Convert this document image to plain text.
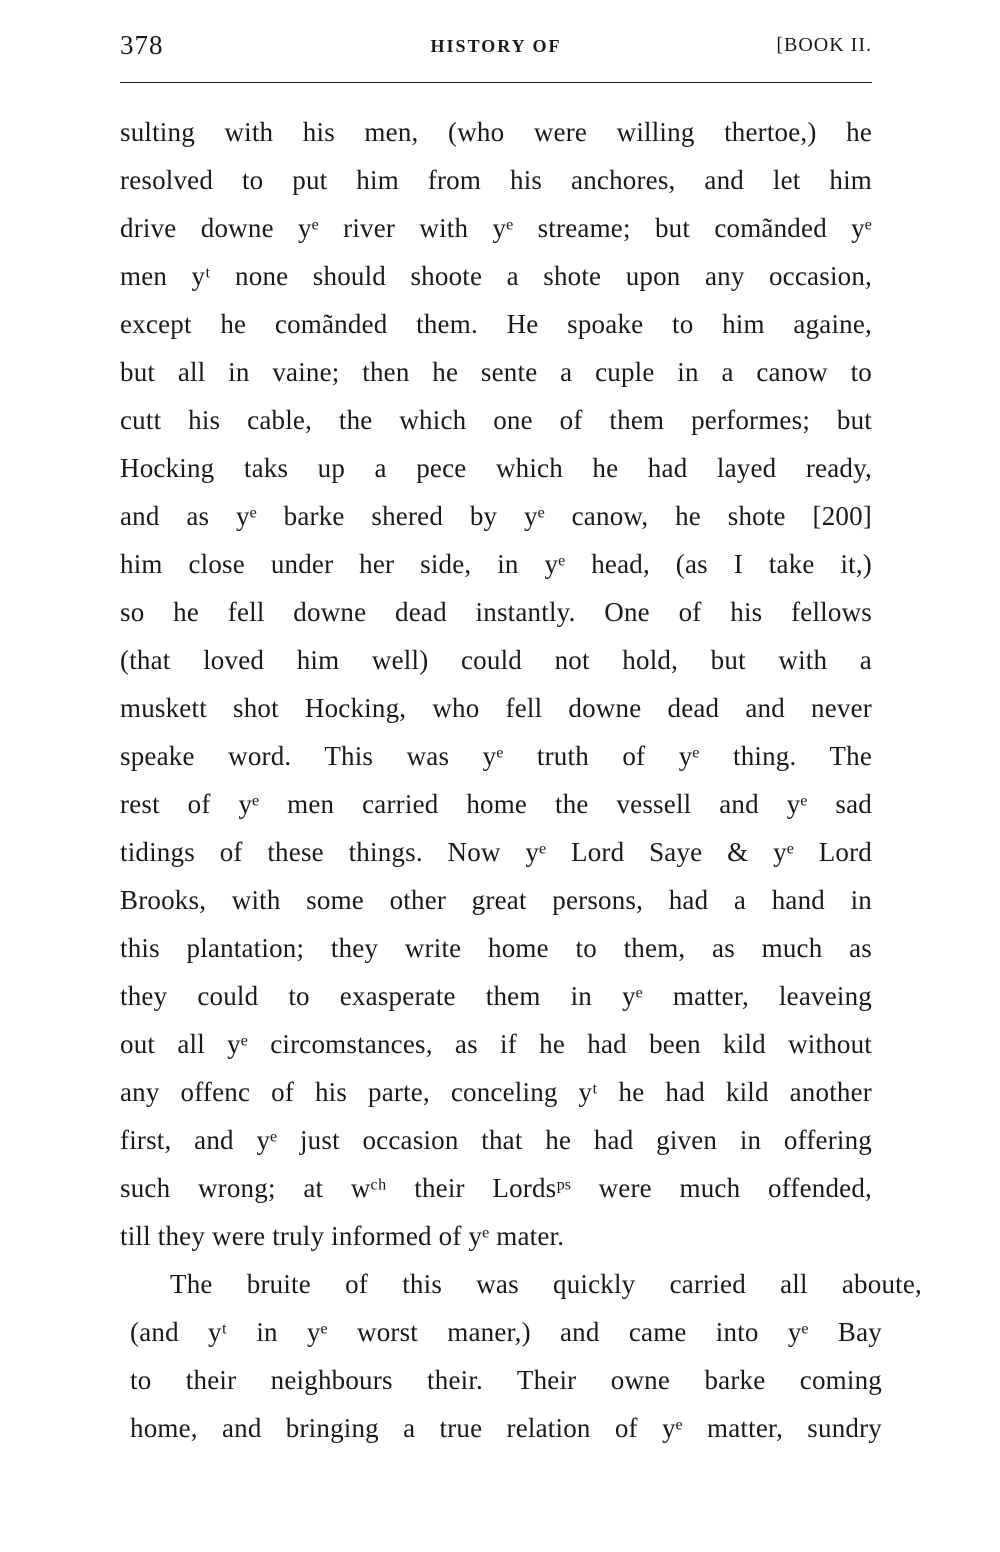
378	HISTORY OF	[BOOK II.
sulting with his men, (who were willing thertoe,) he
resolved to put him from his anchores, and let him
drive downe yᵉ river with yᵉ streame; but comãnded yᵉ
men yᵗ none should shoote a shote upon any occasion,
except he comãnded them. He spoake to him againe,
but all in vaine; then he sente a cuple in a canow to
cutt his cable, the which one of them performes; but
Hocking taks up a pece which he had layed ready,
and as yᵉ barke shered by yᵉ canow, he shote [200]
him close under her side, in yᵉ head, (as I take it,)
so he fell downe dead instantly. One of his fellows
(that loved him well) could not hold, but with a
muskett shot Hocking, who fell downe dead and never
speake word. This was yᵉ truth of yᵉ thing. The
rest of yᵉ men carried home the vessell and yᵉ sad
tidings of these things. Now yᵉ Lord Saye & yᵉ Lord
Brooks, with some other great persons, had a hand in
this plantation; they write home to them, as much as
they could to exasperate them in yᵉ matter, leaveing
out all yᵉ circomstances, as if he had been kild without
any offenc of his parte, conceling yᵗ he had kild another
first, and yᵉ just occasion that he had given in offering
such wrong; at wᶜʰ their Lordsᵖˢ were much offended,
till they were truly informed of yᵉ mater.
The bruite of this was quickly carried all aboute,
(and yᵗ in yᵉ worst maner,) and came into yᵉ Bay
to their neighbours their. Their owne barke coming
home, and bringing a true relation of yᵉ matter, sundry
